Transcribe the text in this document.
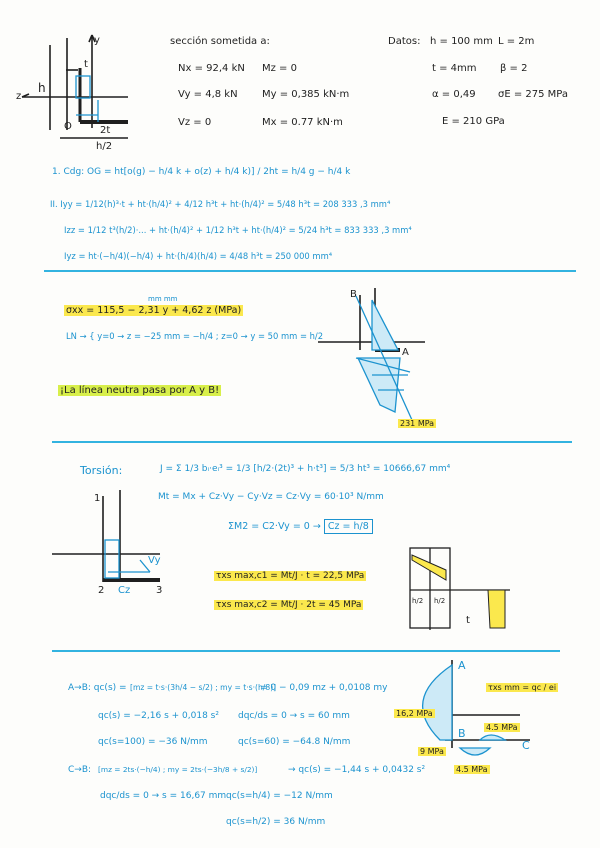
h
h/2
t
2t
O
y
z
sección sometida a:
Nx = 92,4 kN Mz = 0
Vy = 4,8 kN My = 0,385 kN·m
Vz = 0	Mx = 0.77 kN·m
Datos: h = 100 mm L = 2m
t = 4mm β = 2
α = 0,49 σE = 275 MPa
E = 210 GPa
1. Cdg: OG = ht[o(g) − h/4 k + o(z) + h/4 k)] / 2ht = h/4 g − h/4 k
II. Iyy = 1/12(h)³·t + ht·(h/4)² + 4/12 h³t + ht·(h/4)² = 5/48 h³t = 208 333 ,3 mm⁴
Izz = 1/12 t³(h/2)·... + ht·(h/4)² + 1/12 h³t + ht·(h/4)² = 5/24 h³t = 833 333 ,3 mm⁴
Iyz = ht·(−h/4)(−h/4) + ht·(h/4)(h/4) = 4/48 h³t = 250 000 mm⁴
mm mm
σxx = 115,5 − 2,31 y + 4,62 z (MPa)
LN → { y=0 → z = −25 mm = −h/4 ; z=0 → y = 50 mm = h/2
¡La línea neutra pasa por A y B!
231 MPa
A
B
Torsión:	J = Σ 1/3 bᵢ·eᵢ³ = 1/3 [h/2·(2t)³ + h·t³] = 5/3 ht³ = 10666,67 mm⁴
Mt = Mx + Cz·Vy − Cy·Vz = Cz·Vy = 60·10³ N/mm
ΣM2 = C2·Vy = 0 → Cz = h/8
τxs max,c1 = Mt/J · t = 22,5 MPa
τxs max,c2 = Mt/J · 2t = 45 MPa
1
2	3
Vy
Cz
h/2 h/2
t
A→B: qc(s) = [mz = t·s·(3h/4 − s/2) ; my = t·s·(h/8)]
= 0 − 0,09 mz + 0,0108 my
qc(s) = −2,16 s + 0,018 s² dqc/ds = 0 → s = 60 mm
qc(s=100) = −36 N/mm	qc(s=60) = −64.8 N/mm
C→B: [mz = 2ts·(−h/4) ; my = 2ts·(−3h/8 + s/2)]	→ qc(s) = −1,44 s + 0,0432 s²
dqc/ds = 0 → s = 16,67 mm qc(s=h/4) = −12 N/mm
qc(s=h/2) = 36 N/mm
τxs mm = qc / ei
16,2 MPa
9 MPa
4.5 MPa
4.5 MPa
A
B
C
